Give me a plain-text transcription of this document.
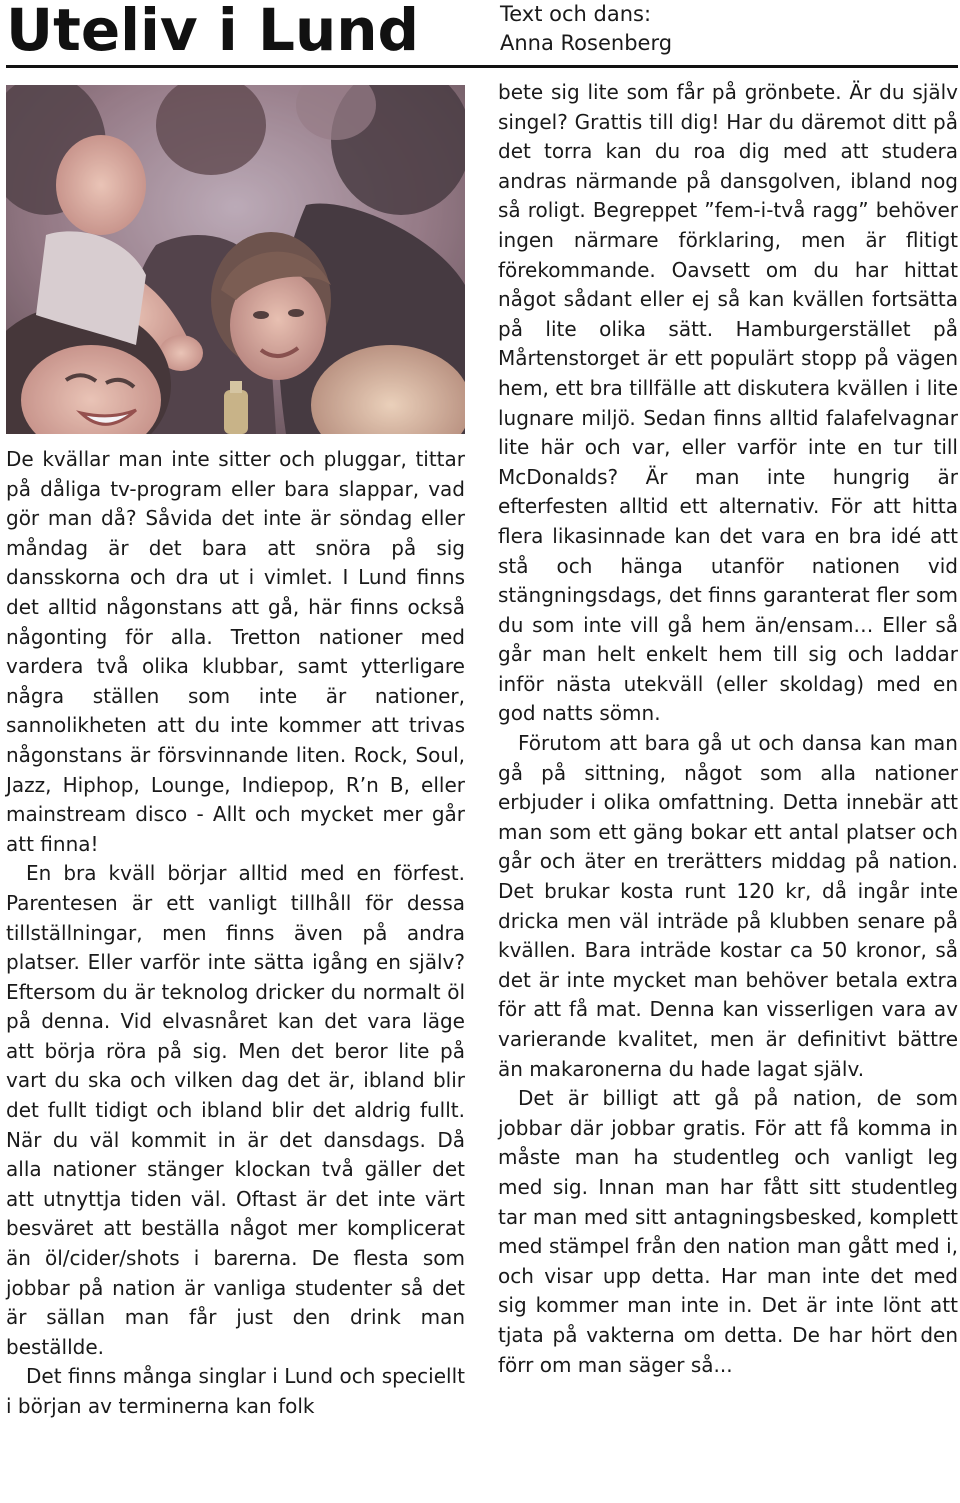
Uteliv i Lund	Text och dans:
Anna Rosenberg

De kvällar man inte sitter och pluggar, tittar på dåliga tv-program eller bara slappar, vad gör man då? Såvida det inte är söndag eller måndag är det bara att snöra på sig dansskorna och dra ut i vimlet. I Lund finns det alltid någonstans att gå, här finns också någonting för alla. Tretton nationer med vardera två olika klubbar, samt ytterligare några ställen som inte är nationer, sannolikheten att du inte kommer att trivas någonstans är försvinnande liten. Rock, Soul, Jazz, Hiphop, Lounge, Indiepop, R’n B, eller mainstream disco - Allt och mycket mer går att finna!

En bra kväll börjar alltid med en förfest. Parentesen är ett vanligt tillhåll för dessa tillställningar, men finns även på andra platser. Eller varför inte sätta igång en själv? Eftersom du är teknolog dricker du normalt öl på denna. Vid elvasnåret kan det vara läge att börja röra på sig. Men det beror lite på vart du ska och vilken dag det är, ibland blir det fullt tidigt och ibland blir det aldrig fullt. När du väl kommit in är det dansdags. Då alla nationer stänger klockan två gäller det att utnyttja tiden väl. Oftast är det inte värt besväret att beställa något mer komplicerat än öl/cider/shots i barerna. De flesta som jobbar på nation är vanliga studenter så det är sällan man får just den drink man beställde.

Det finns många singlar i Lund och speciellt i början av terminerna kan folk

bete sig lite som får på grönbete. Är du själv singel? Grattis till dig! Har du däremot ditt på det torra kan du roa dig med att studera andras närmande på dansgolven, ibland nog så roligt. Begreppet ”fem-i-två ragg” behöver ingen närmare förklaring, men är flitigt förekommande. Oavsett om du har hittat något sådant eller ej så kan kvällen fortsätta på lite olika sätt. Hamburgerstället på Mårtenstorget är ett populärt stopp på vägen hem, ett bra tillfälle att diskutera kvällen i lite lugnare miljö. Sedan finns alltid falafelvagnar lite här och var, eller varför inte en tur till McDonalds? Är man inte hungrig är efterfesten alltid ett alternativ. För att hitta flera likasinnade kan det vara en bra idé att stå och hänga utanför nationen vid stängningsdags, det finns garanterat fler som du som inte vill gå hem än/ensam… Eller så går man helt enkelt hem till sig och laddar inför nästa utekväll (eller skoldag) med en god natts sömn.

Förutom att bara gå ut och dansa kan man gå på sittning, något som alla nationer erbjuder i olika omfattning. Detta innebär att man som ett gäng bokar ett antal platser och går och äter en trerätters middag på nation. Det brukar kosta runt 120 kr, då ingår inte dricka men väl inträde på klubben senare på kvällen. Bara inträde kostar ca 50 kronor, så det är inte mycket man behöver betala extra för att få mat. Denna kan visserligen vara av varierande kvalitet, men är definitivt bättre än makaronerna du hade lagat själv.

Det är billigt att gå på nation, de som jobbar där jobbar gratis. För att få komma in måste man ha studentleg och vanligt leg med sig. Innan man har fått sitt studentleg tar man med sitt antagningsbesked, komplett med stämpel från den nation man gått med i, och visar upp detta. Har man inte det med sig kommer man inte in. Det är inte lönt att tjata på vakterna om detta. De har hört den förr om man säger så...
